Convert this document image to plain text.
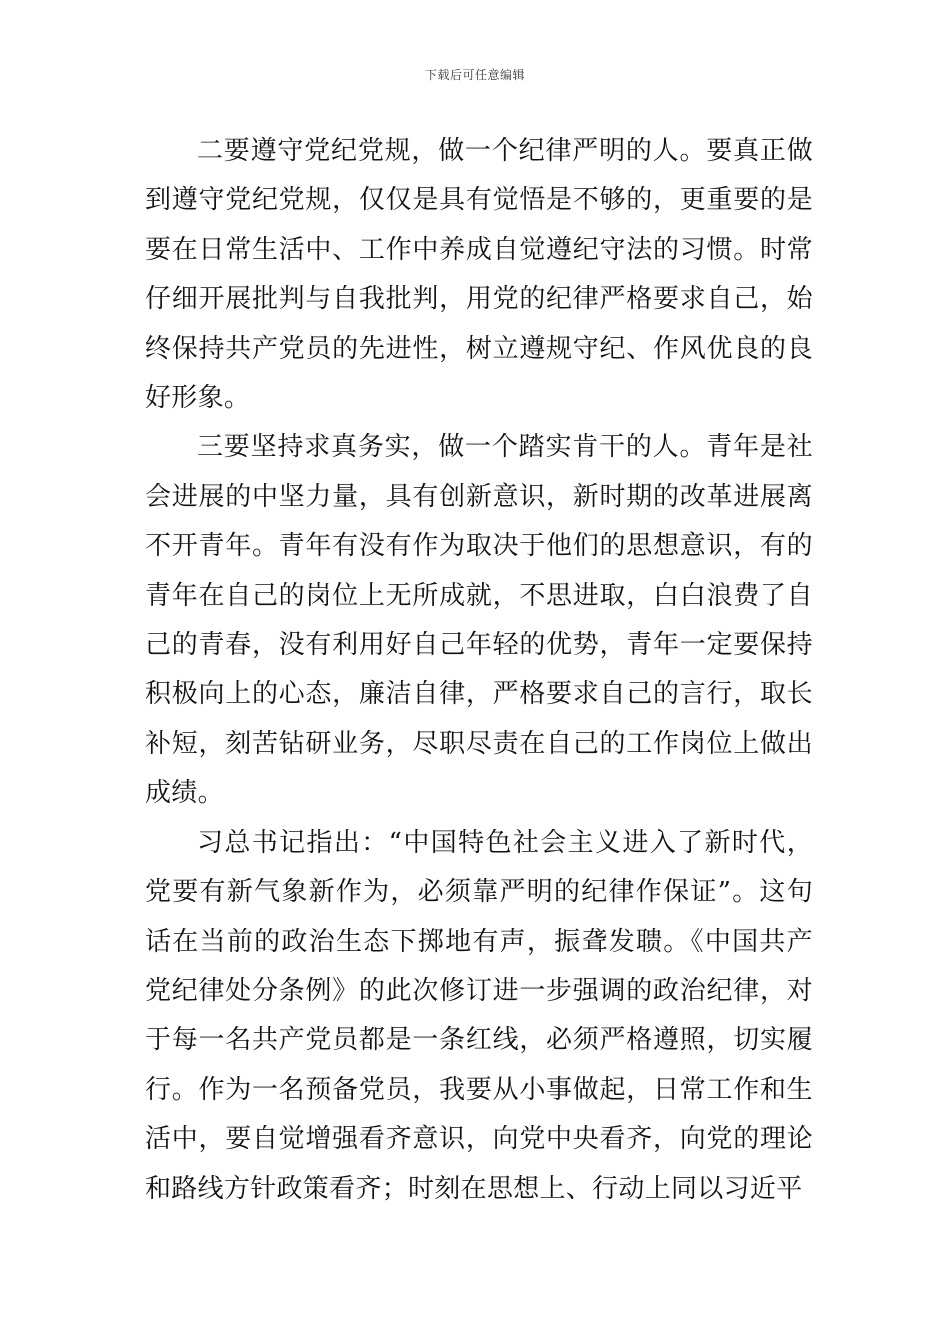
下载后可任意编辑

二要遵守党纪党规，做一个纪律严明的人。要真正做到遵守党纪党规，仅仅是具有觉悟是不够的，更重要的是要在日常生活中、工作中养成自觉遵纪守法的习惯。时常仔细开展批判与自我批判，用党的纪律严格要求自己，始终保持共产党员的先进性，树立遵规守纪、作风优良的良好形象。

三要坚持求真务实，做一个踏实肯干的人。青年是社会进展的中坚力量，具有创新意识，新时期的改革进展离不开青年。青年有没有作为取决于他们的思想意识，有的青年在自己的岗位上无所成就，不思进取，白白浪费了自己的青春，没有利用好自己年轻的优势，青年一定要保持积极向上的心态，廉洁自律，严格要求自己的言行，取长补短，刻苦钻研业务，尽职尽责在自己的工作岗位上做出成绩。

习总书记指出：“中国特色社会主义进入了新时代，党要有新气象新作为，必须靠严明的纪律作保证”。这句话在当前的政治生态下掷地有声，振聋发聩。《中国共产党纪律处分条例》的此次修订进一步强调的政治纪律，对于每一名共产党员都是一条红线，必须严格遵照，切实履行。作为一名预备党员，我要从小事做起，日常工作和生活中，要自觉增强看齐意识，向党中央看齐，向党的理论和路线方针政策看齐；时刻在思想上、行动上同以习近平
